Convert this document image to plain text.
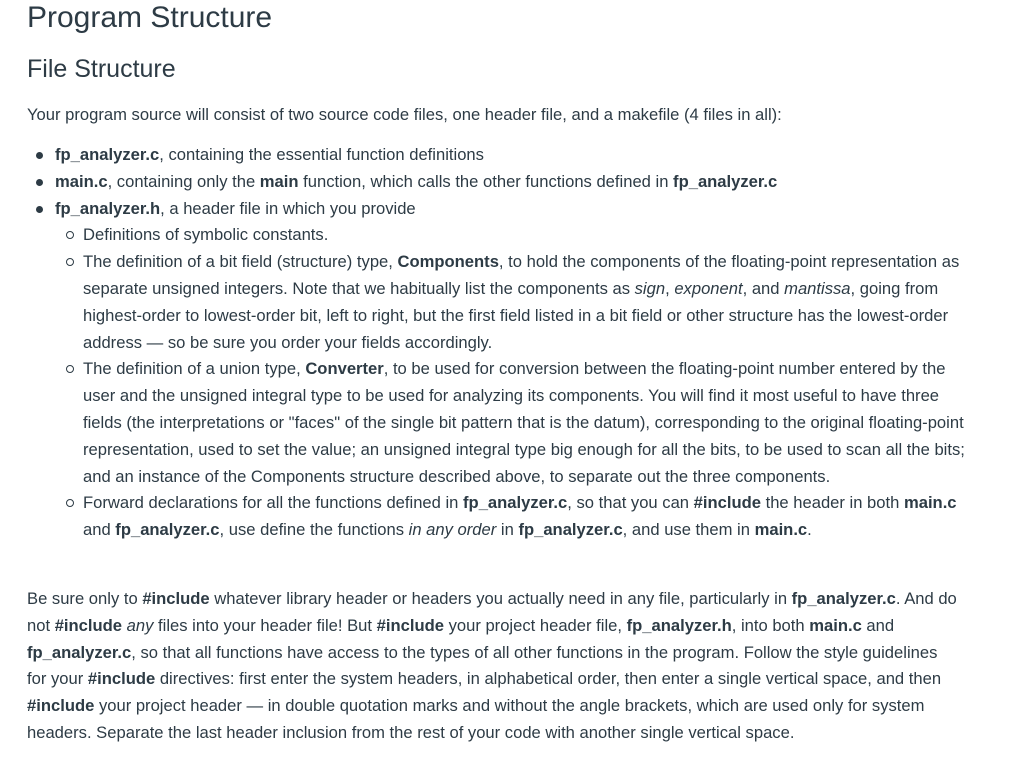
Program Structure
File Structure

Your program source will consist of two source code files, one header file, and a makefile (4 files in all):

fp_analyzer.c, containing the essential function definitions
main.c, containing only the main function, which calls the other functions defined in fp_analyzer.c
fp_analyzer.h, a header file in which you provide
Definitions of symbolic constants.
The definition of a bit field (structure) type, Components, to hold the components of the floating-point representation as separate unsigned integers. Note that we habitually list the components as sign, exponent, and mantissa, going from highest-order to lowest-order bit, left to right, but the first field listed in a bit field or other structure has the lowest-order address — so be sure you order your fields accordingly.
The definition of a union type, Converter, to be used for conversion between the floating-point number entered by the user and the unsigned integral type to be used for analyzing its components. You will find it most useful to have three fields (the interpretations or "faces" of the single bit pattern that is the datum), corresponding to the original floating-point representation, used to set the value; an unsigned integral type big enough for all the bits, to be used to scan all the bits; and an instance of the Components structure described above, to separate out the three components.
Forward declarations for all the functions defined in fp_analyzer.c, so that you can #include the header in both main.c and fp_analyzer.c, use define the functions in any order in fp_analyzer.c, and use them in main.c.

Be sure only to #include whatever library header or headers you actually need in any file, particularly in fp_analyzer.c. And do not #include any files into your header file! But #include your project header file, fp_analyzer.h, into both main.c and fp_analyzer.c, so that all functions have access to the types of all other functions in the program. Follow the style guidelines for your #include directives: first enter the system headers, in alphabetical order, then enter a single vertical space, and then #include your project header — in double quotation marks and without the angle brackets, which are used only for system headers. Separate the last header inclusion from the rest of your code with another single vertical space.
